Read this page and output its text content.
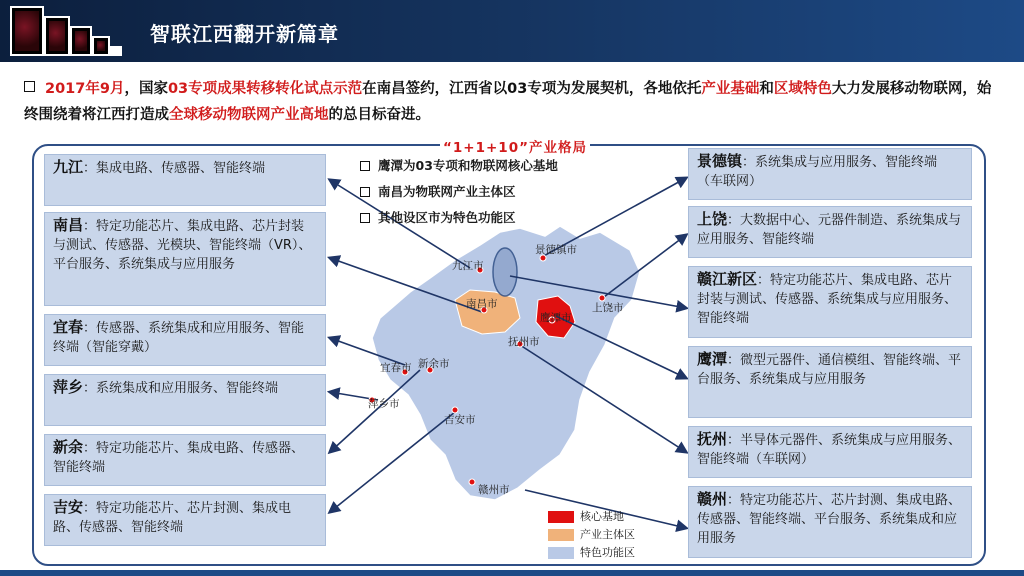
智联江西翻开新篇章
2017年9月，国家03专项成果转移转化试点示范在南昌签约，江西省以03专项为发展契机，各地依托产业基础和区域特色大力发展移动物联网，始终围绕着将江西打造成全球移动物联网产业高地的总目标奋进。
“1+1+10”产业格局
九江市
景德镇市
南昌市	上饶市
鹰潭市
抚州市
宜春市 新余市
萍乡市
吉安市
赣州市
鹰潭为03专项和物联网核心基地
南昌为物联网产业主体区
其他设区市为特色功能区
九江：集成电路、传感器、智能终端
南昌：特定功能芯片、集成电路、芯片封装与测试、传感器、光模块、智能终端（VR）、平台服务、系统集成与应用服务
宜春：传感器、系统集成和应用服务、智能终端（智能穿戴）
萍乡：系统集成和应用服务、智能终端
新余：特定功能芯片、集成电路、传感器、智能终端
吉安：特定功能芯片、芯片封测、集成电路、传感器、智能终端
景德镇：系统集成与应用服务、智能终端（车联网）
上饶：大数据中心、元器件制造、系统集成与应用服务、智能终端
赣江新区：特定功能芯片、集成电路、芯片封装与测试、传感器、系统集成与应用服务、智能终端
鹰潭：微型元器件、通信模组、智能终端、平台服务、系统集成与应用服务
抚州：半导体元器件、系统集成与应用服务、智能终端（车联网）
赣州：特定功能芯片、芯片封测、集成电路、传感器、智能终端、平台服务、系统集成和应用服务
核心基地
产业主体区
特色功能区
